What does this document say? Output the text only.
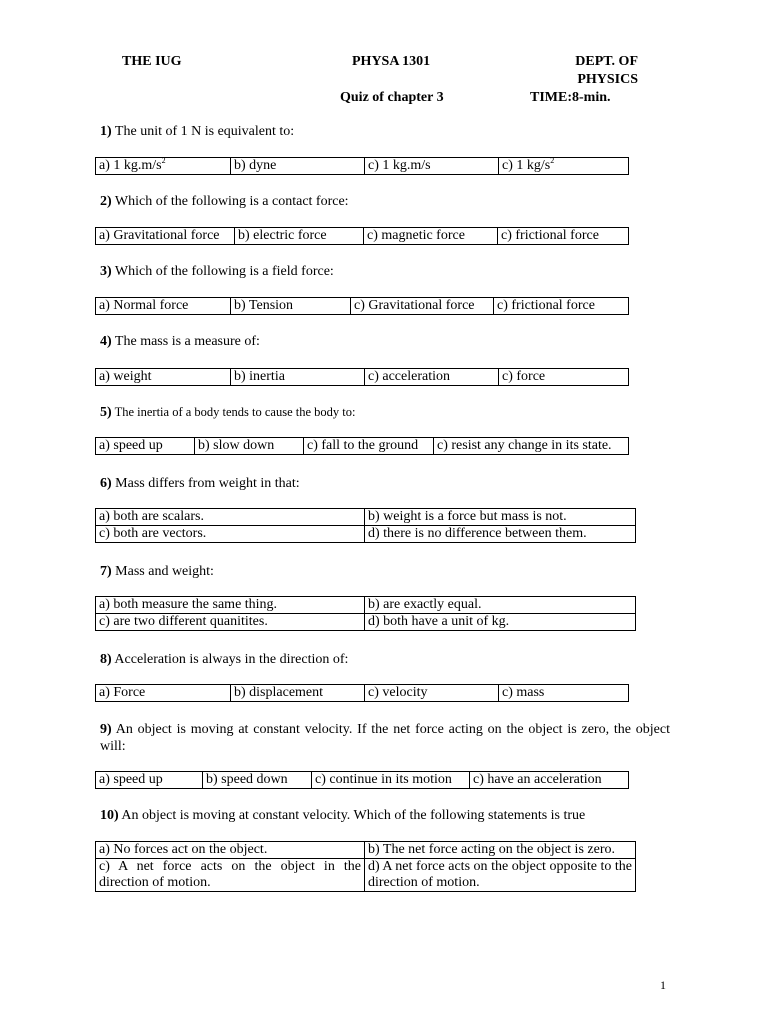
THE IUG	PHYSA 1301	DEPT. OF
PHYSICS
Quiz of chapter 3	TIME:8-min.
1) The unit of 1 N is equivalent to:
a) 1 $kg.m/s^2$	b) dyne	c) 1 kg.m/s	c) 1 $kg/s^2$
2) Which of the following is a contact force:
a) Gravitational force	b) electric force	c) magnetic force	c) frictional force
3) Which of the following is a field force:
a) Normal force	b) Tension	c) Gravitational force	c) frictional force
4) The mass is a measure of:
a) weight	b) inertia	c) acceleration	c) force
5) The inertia of a body tends to cause the body to:
a) speed up	b) slow down	c) fall to the ground	c) resist any change in its state.
6) Mass differs from weight in that:
a) both are scalars.	b) weight is a force but mass is not.
c) both are vectors.	d) there is no difference between them.
7) Mass and weight:
a) both measure the same thing.	b) are exactly equal.
c) are two different quanitites.	d) both have a unit of kg.
8) Acceleration is always in the direction of:
a) Force	b) displacement	c) velocity	c) mass
9) An object is moving at constant velocity. If the net force acting on the object is zero, the object will:
a) speed up	b) speed down	c) continue in its motion	c) have an acceleration
10) An object is moving at constant velocity. Which of the following statements is true
a) No forces act on the object.	b) The net force acting on the object is zero.
c) A net force acts on the object in the direction of motion.	d) A net force acts on the object opposite to the direction of motion.
1
